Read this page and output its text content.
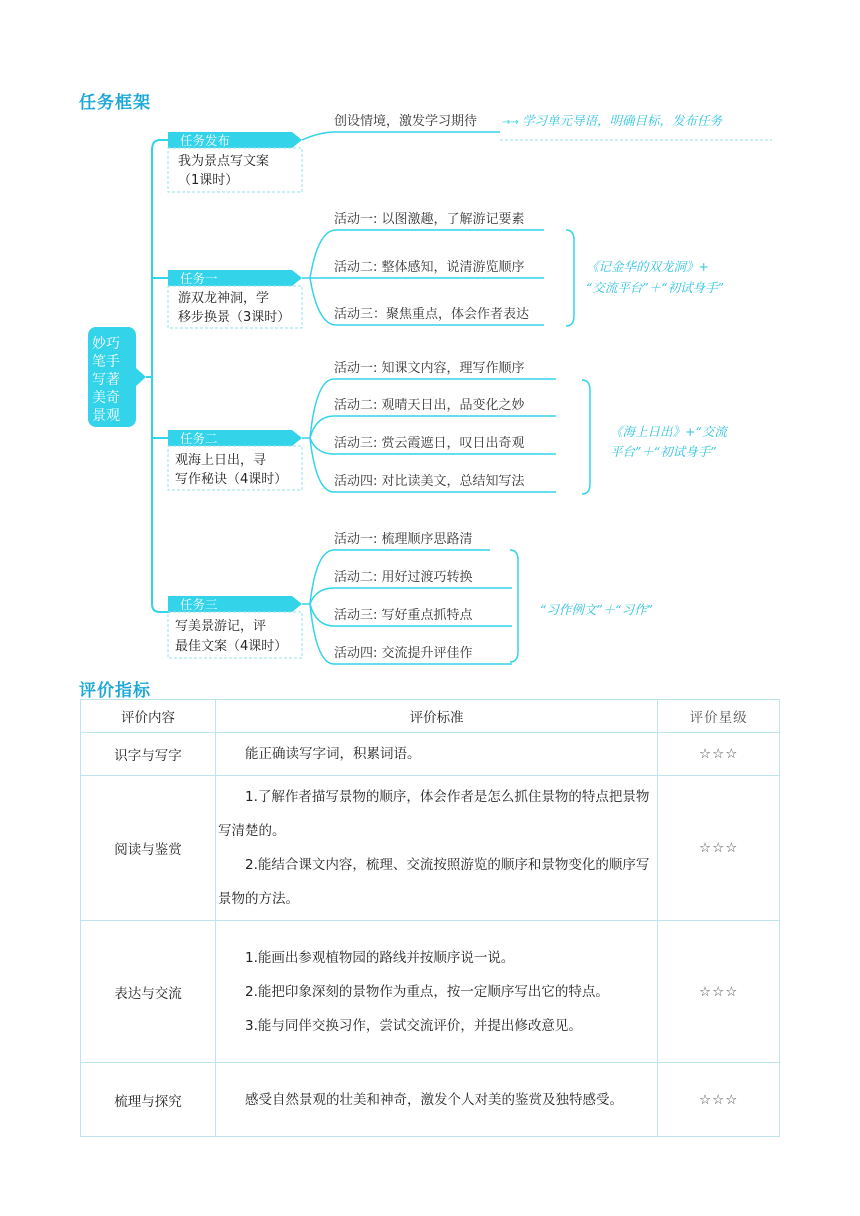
任务框架
妙巧
笔手
写著
美奇
景观
任务发布
我为景点写文案
（1课时）
创设情境，激发学习期待 →→ 学习单元导语，明确目标，发布任务
任务一
游双龙神洞，学
移步换景（3课时）
活动一: 以图激趣，了解游记要素
活动二: 整体感知，说清游览顺序
活动三：聚焦重点，体会作者表达
《记金华的双龙洞》+
“交流平台”＋“初试身手”
任务二
观海上日出，寻
写作秘诀（4课时）
活动一: 知课文内容，理写作顺序
活动二: 观晴天日出，品变化之妙
活动三: 赏云霞遮日，叹日出奇观
活动四: 对比读美文，总结知写法
《海上日出》+“交流
平台”＋“初试身手”
任务三
写美景游记，评
最佳文案（4课时）
活动一: 梳理顺序思路清
活动二: 用好过渡巧转换
活动三: 写好重点抓特点
活动四: 交流提升评佳作
“习作例文”＋“习作”
评价指标
评价内容	评价标准	评价星级
识字与写字	能正确读写字词，积累词语。	☆☆☆
阅读与鉴赏	1.了解作者描写景物的顺序，体会作者是怎么抓住景物的特点把景物写清楚的。

2.能结合课文内容，梳理、交流按照游览的顺序和景物变化的顺序写景物的方法。	☆☆☆
表达与交流	1.能画出参观植物园的路线并按顺序说一说。

2.能把印象深刻的景物作为重点，按一定顺序写出它的特点。

3.能与同伴交换习作，尝试交流评价，并提出修改意见。	☆☆☆
梳理与探究	感受自然景观的壮美和神奇，激发个人对美的鉴赏及独特感受。	☆☆☆
